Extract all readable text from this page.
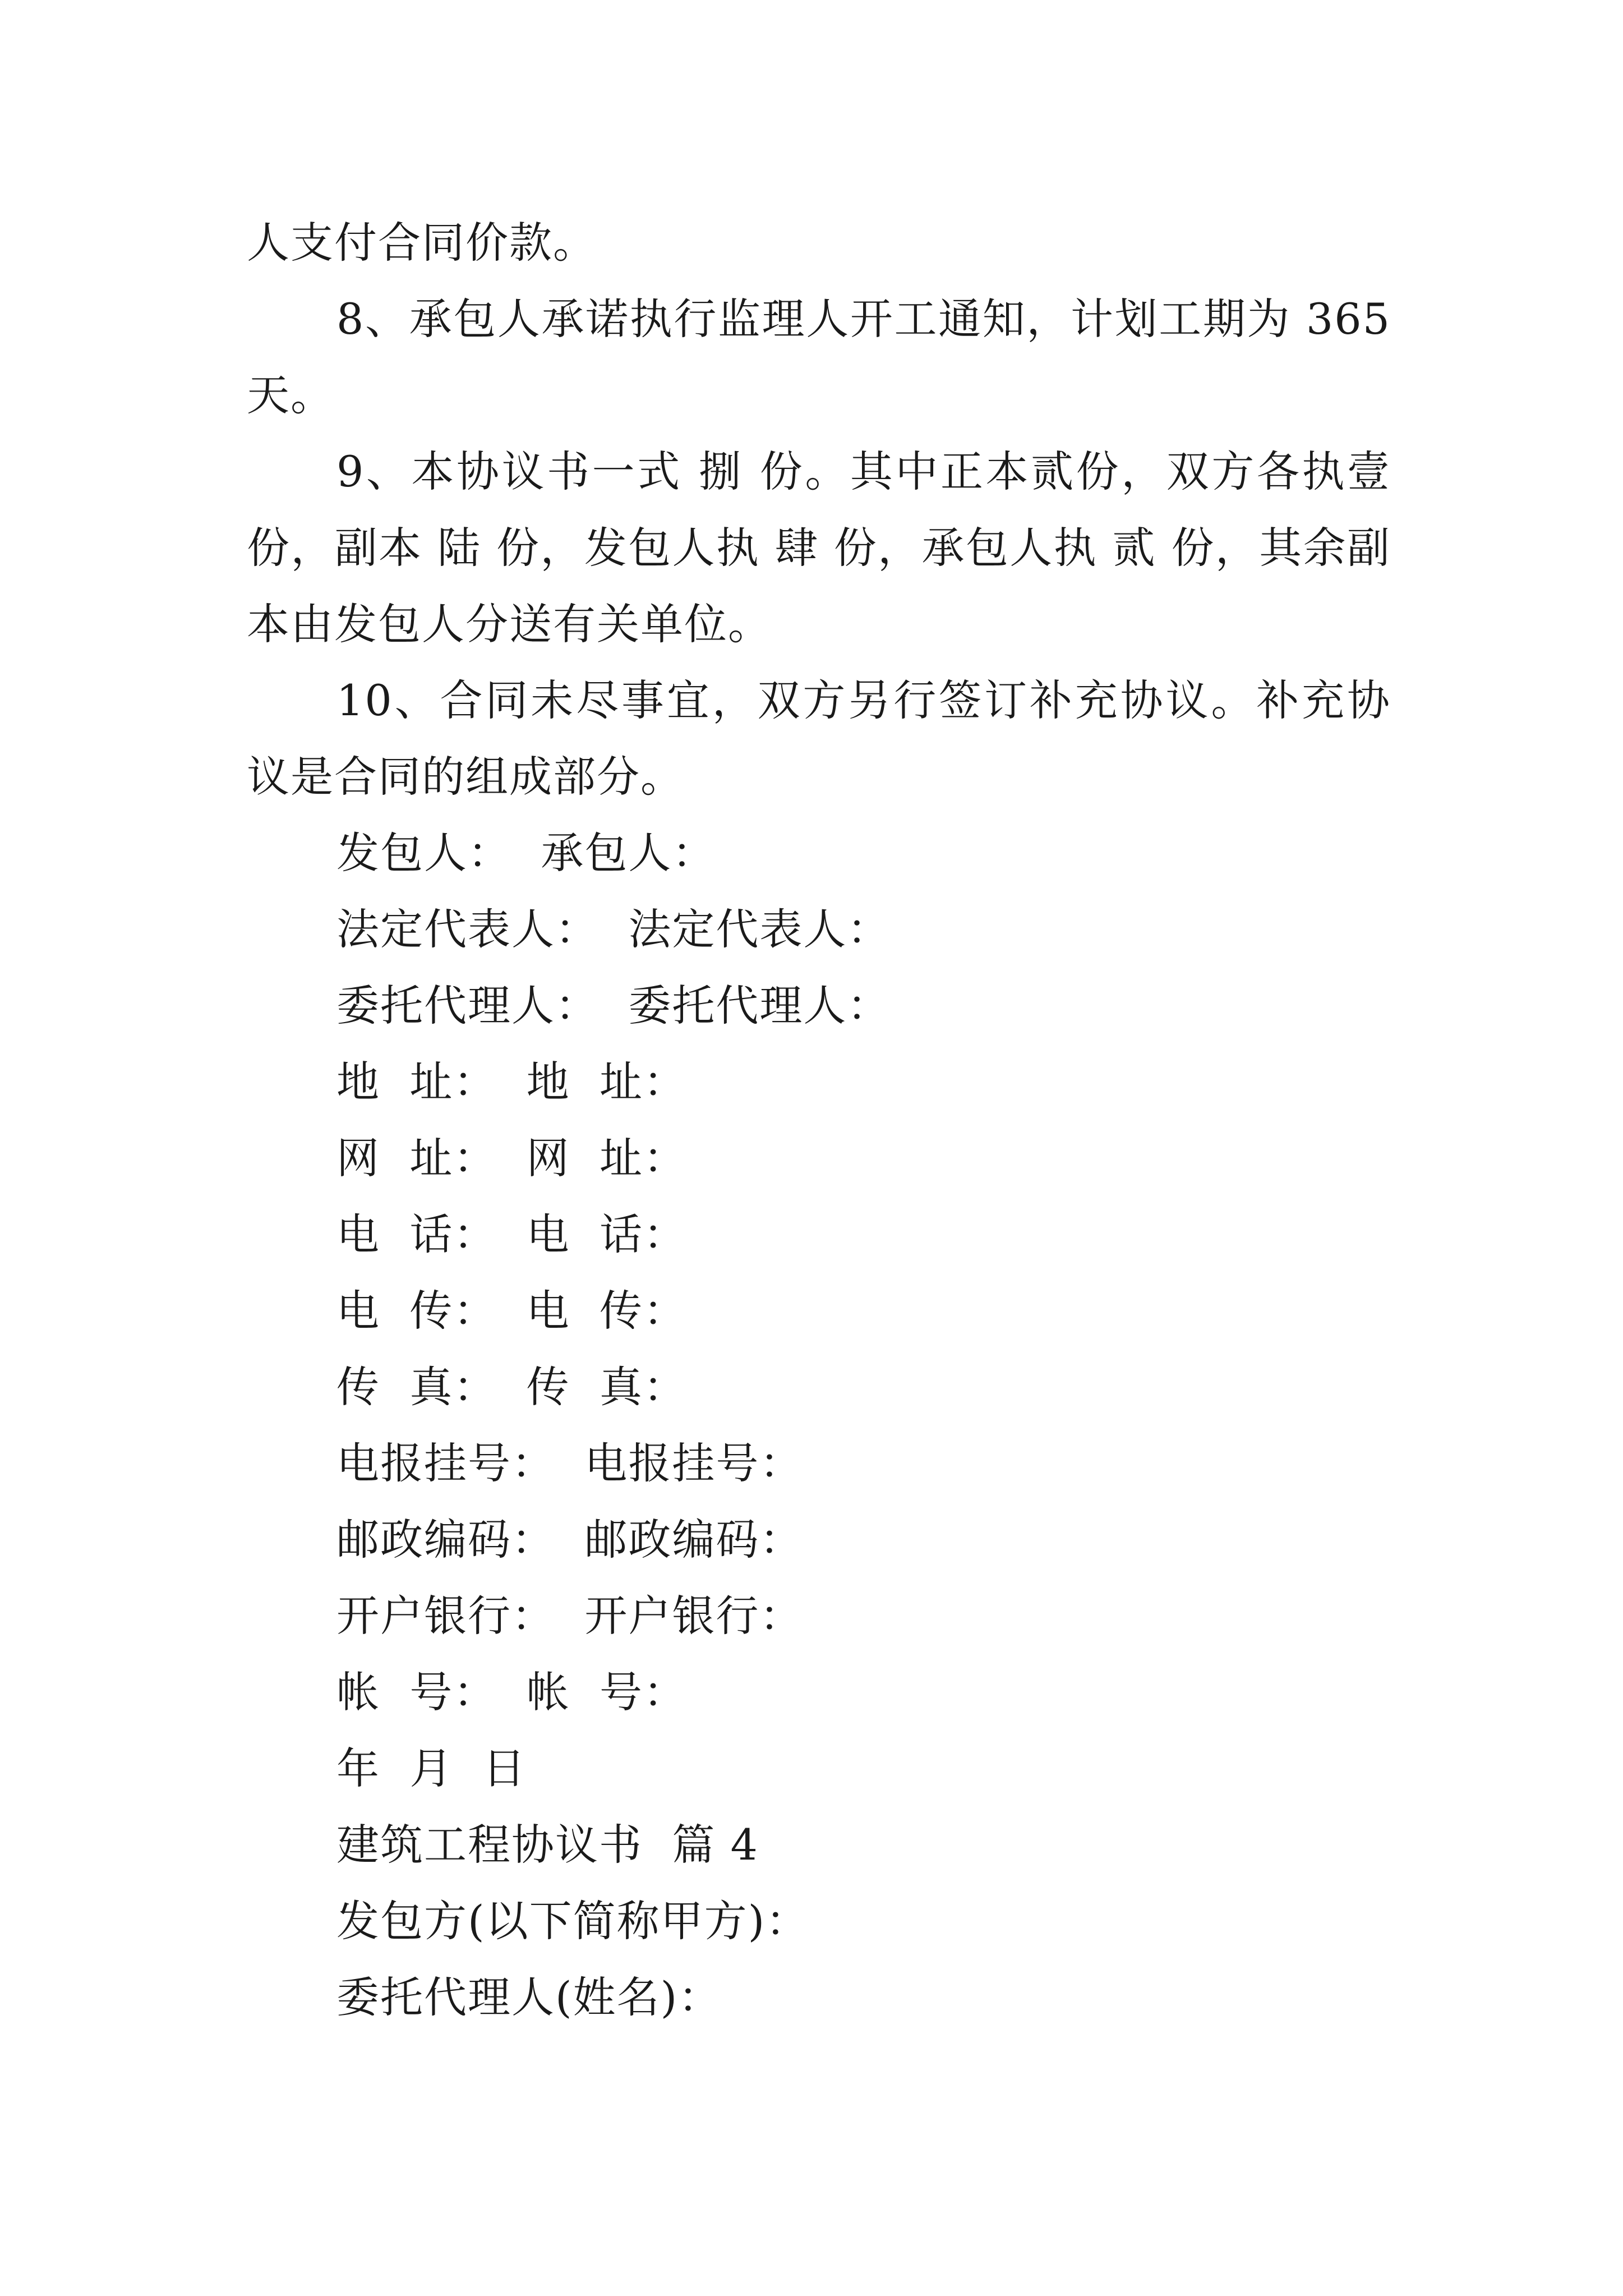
人支付合同价款。

8、承包人承诺执行监理人开工通知，计划工期为 365 天。

9、本协议书一式 捌 份。其中正本贰份，双方各执壹份，副本 陆 份，发包人执 肆 份，承包人执 贰 份，其余副本由发包人分送有关单位。

10、合同未尽事宜，双方另行签订补充协议。补充协议是合同的组成部分。

发包人：  承包人：

法定代表人：  法定代表人：

委托代理人：  委托代理人：

地  址：  地  址：

网  址：  网  址：

电  话：  电  话：

电  传：  电  传：

传  真：  传  真：

电报挂号：  电报挂号：

邮政编码：  邮政编码：

开户银行：  开户银行：

帐  号：  帐  号：

年  月  日

建筑工程协议书  篇 4

发包方(以下简称甲方)：

委托代理人(姓名)：
